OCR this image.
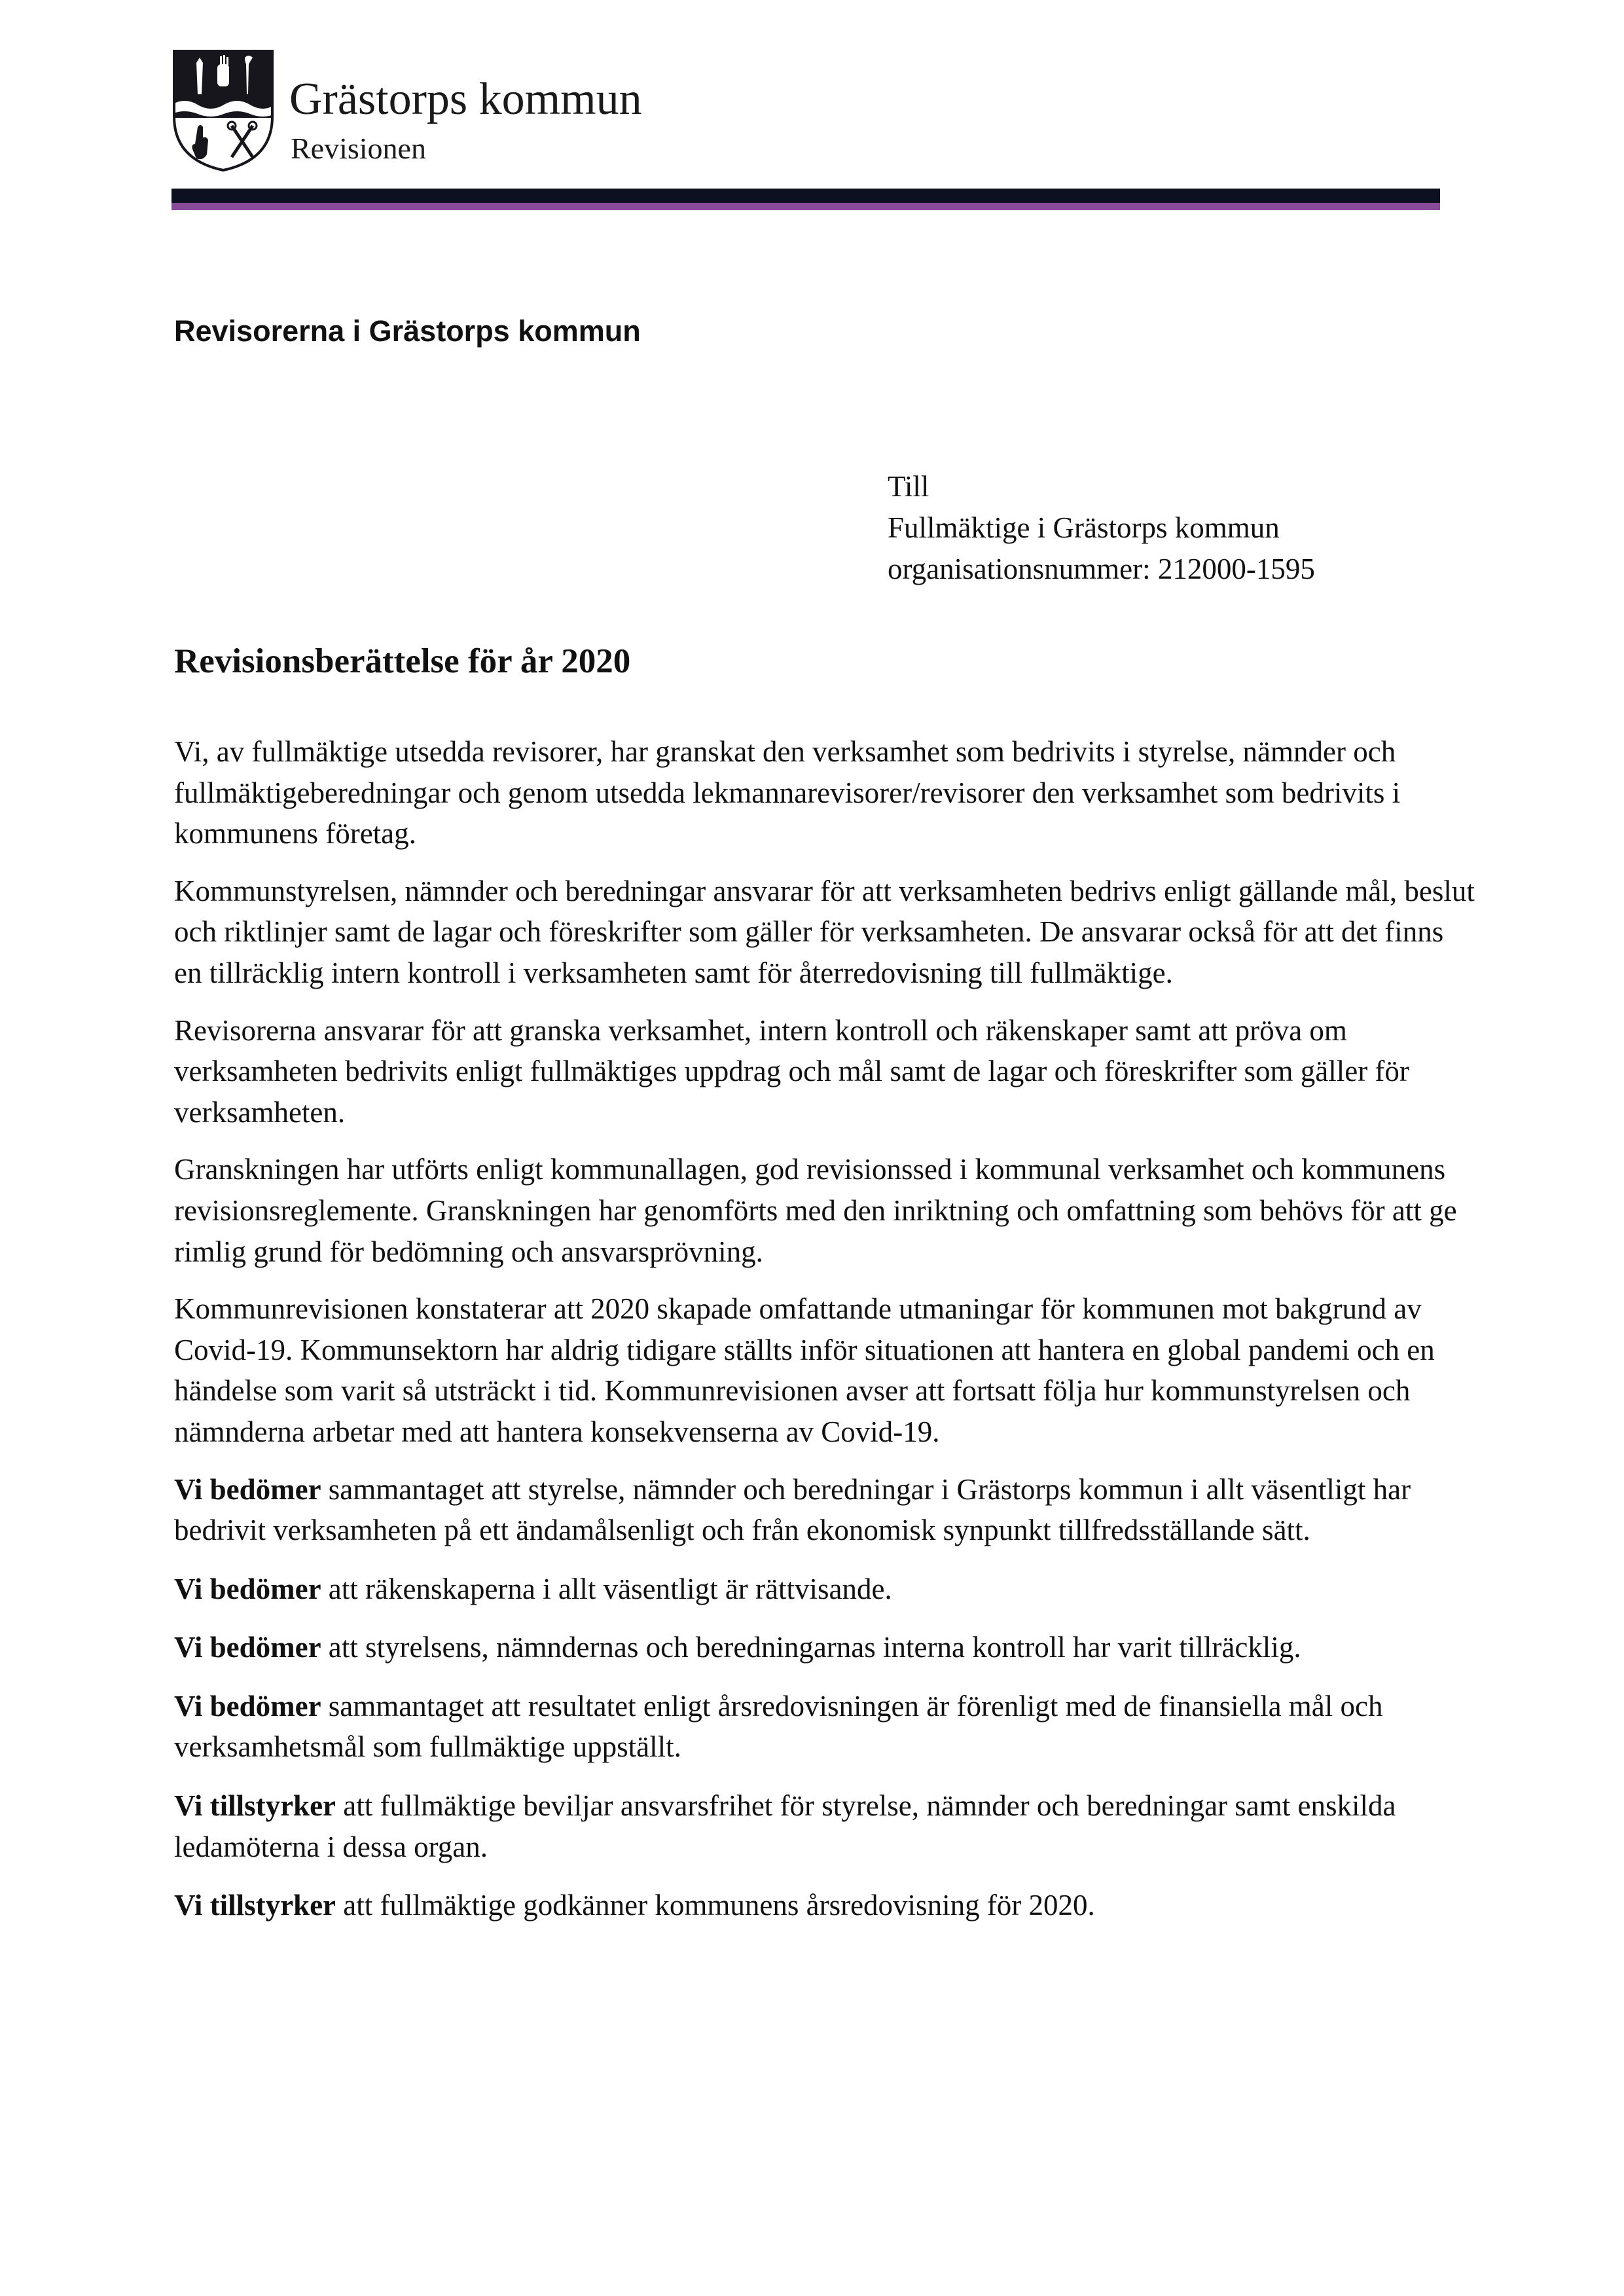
Grästorps kommun
Revisionen
Revisorerna i Grästorps kommun
Till
Fullmäktige i Grästorps kommun
organisationsnummer: 212000-1595
Revisionsberättelse för år 2020

Vi, av fullmäktige utsedda revisorer, har granskat den verksamhet som bedrivits i styrelse, nämnder och fullmäktigeberedningar och genom utsedda lekmannarevisorer/revisorer den verksamhet som bedrivits i kommunens företag.

Kommunstyrelsen, nämnder och beredningar ansvarar för att verksamheten bedrivs enligt gällande mål, beslut och riktlinjer samt de lagar och föreskrifter som gäller för verksamheten. De ansvarar också för att det finns en tillräcklig intern kontroll i verksamheten samt för återredovisning till fullmäktige.

Revisorerna ansvarar för att granska verksamhet, intern kontroll och räkenskaper samt att pröva om verksamheten bedrivits enligt fullmäktiges uppdrag och mål samt de lagar och föreskrifter som gäller för verksamheten.

Granskningen har utförts enligt kommunallagen, god revisionssed i kommunal verksamhet och kommunens revisionsreglemente. Granskningen har genomförts med den inriktning och omfattning som behövs för att ge rimlig grund för bedömning och ansvarsprövning.

Kommunrevisionen konstaterar att 2020 skapade omfattande utmaningar för kommunen mot bakgrund av Covid-19. Kommunsektorn har aldrig tidigare ställts inför situationen att hantera en global pandemi och en händelse som varit så utsträckt i tid. Kommunrevisionen avser att fortsatt följa hur kommunstyrelsen och nämnderna arbetar med att hantera konsekvenserna av Covid-19.

Vi bedömer sammantaget att styrelse, nämnder och beredningar i Grästorps kommun i allt väsentligt har bedrivit verksamheten på ett ändamålsenligt och från ekonomisk synpunkt tillfredsställande sätt.

Vi bedömer att räkenskaperna i allt väsentligt är rättvisande.

Vi bedömer att styrelsens, nämndernas och beredningarnas interna kontroll har varit tillräcklig.

Vi bedömer sammantaget att resultatet enligt årsredovisningen är förenligt med de finansiella mål och verksamhetsmål som fullmäktige uppställt.

Vi tillstyrker att fullmäktige beviljar ansvarsfrihet för styrelse, nämnder och beredningar samt enskilda ledamöterna i dessa organ.

Vi tillstyrker att fullmäktige godkänner kommunens årsredovisning för 2020.
